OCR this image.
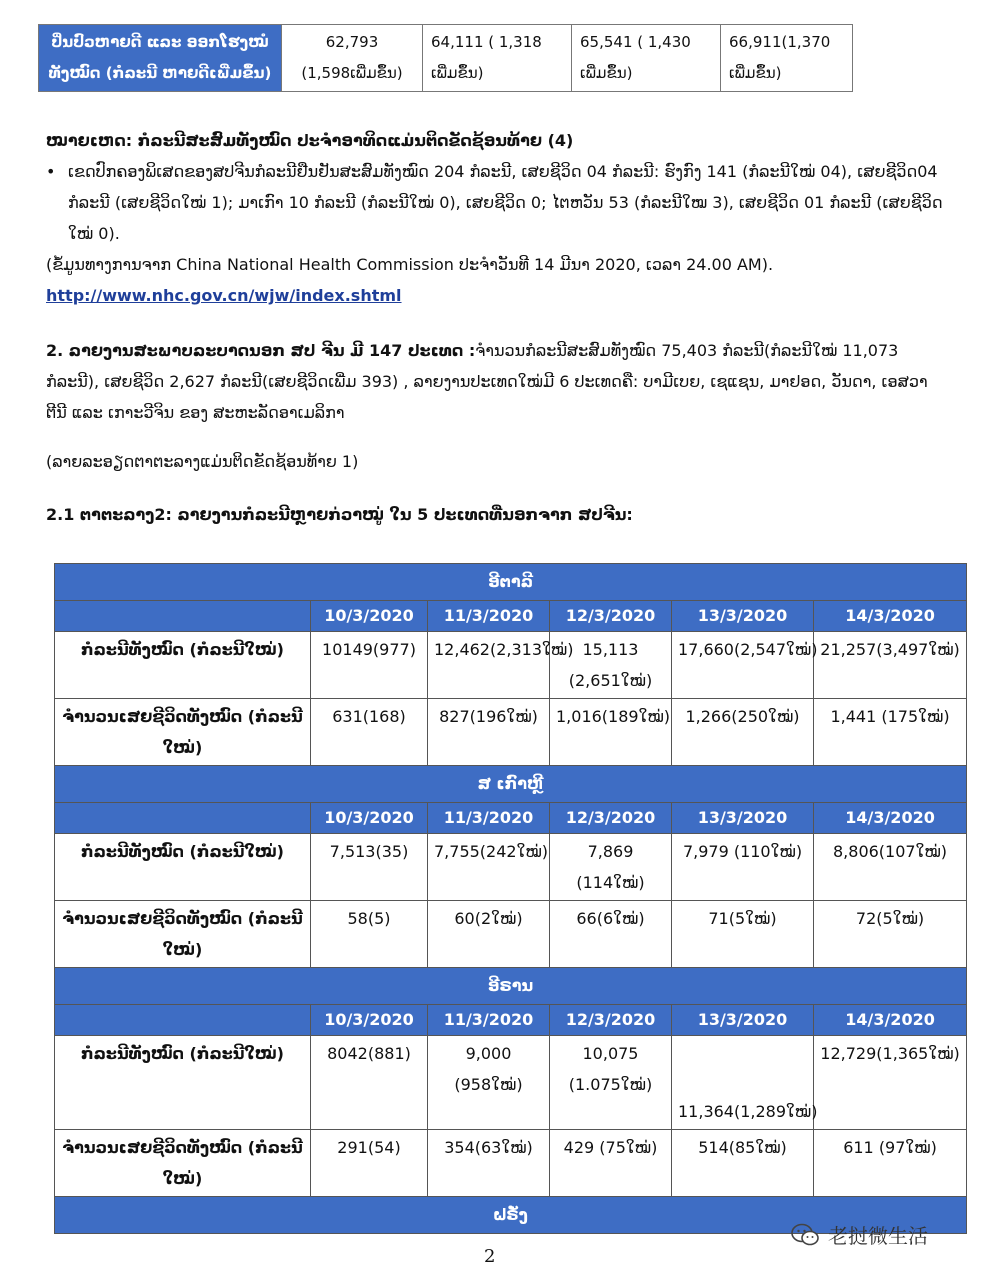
ປິ່ນປົວຫາຍດີ ແລະ ອອກໂຮງໝໍທັງໝົດ (ກໍລະນີ ຫາຍດີເພີ່ມຂຶ້ນ)	62,793 (1,598ເພີ່ມຂຶ້ນ)	64,111 ( 1,318 ເພີ່ມຂຶ້ນ)	65,541 ( 1,430 ເພີ່ມຂຶ້ນ)	66,911(1,370 ເພີ່ມຂຶ້ນ)
ໝາຍເຫດ: ກໍລະນີສະສົມທັງໝົດ ປະຈໍາອາທິດແມ່ນຕິດຂັດຊ້ອນທ້າຍ (4)
• ເຂດປົກຄອງພິເສດຂອງສປຈີນກໍລະນີຢືນຢັນສະສົມທັງໝົດ 204 ກໍລະນີ, ເສຍຊີວິດ 04 ກໍລະນີ: ຮົງກົງ 141 (ກໍລະນີໃໝ່ 04), ເສຍຊີວິດ04 ກໍລະນີ (ເສຍຊີວິດໃໝ່ 1); ມາເກົາ 10 ກໍລະນີ (ກໍລະນີໃໝ່ 0), ເສຍຊີວິດ 0; ໄຕຫວັນ 53 (ກໍລະນີໃໝ 3), ເສຍຊີວິດ 01 ກໍລະນີ (ເສຍຊີວິດໃໝ່ 0).
(ຂໍ້ມູນທາງການຈາກ China National Health Commission ປະຈໍາວັນທີ 14 ມີນາ 2020, ເວລາ 24.00 AM).
http://www.nhc.gov.cn/wjw/index.shtml
2. ລາຍງານສະພາບລະບາດນອກ ສປ ຈີນ ມີ 147 ປະເທດ :ຈໍານວນກໍລະນີສະສົມທັງໝົດ 75,403 ກໍລະນີ(ກໍລະນີໃໝ່ 11,073 ກໍລະນີ), ເສຍຊີວິດ 2,627 ກໍລະນີ(ເສຍຊີວິດເພີ່ມ 393) , ລາຍງານປະເທດໃໝ່ມີ 6 ປະເທດຄື: ບາມີເບຍ, ເຊແຊນ, ມາຢອດ, ວັນດາ, ເອສວາຕີນີ ແລະ ເກາະວີຈິນ ຂອງ ສະຫະລັດອາເມລິກາ
(ລາຍລະອຽດຕາຕະລາງແມ່ນຕິດຂັດຊ້ອນທ້າຍ 1)
2.1 ຕາຕະລາງ2: ລາຍງານກໍລະນີຫຼາຍກ່ວາໝູ່ ໃນ 5 ປະເທດທີ່ນອກຈາກ ສປຈີນ:
ອີຕາລີ					
	10/3/2020	11/3/2020	12/3/2020	13/3/2020	14/3/2020
ກໍລະນີທັງໝົດ (ກໍລະນີໃໝ່)	10149(977)	12,462(2,313ໃໝ່)	15,113 (2,651ໃໝ່)	17,660(2,547ໃໝ່)	21,257(3,497ໃໝ່)
ຈໍານວນເສຍຊີວິດທັງໝົດ (ກໍລະນີໃໝ່)	631(168)	827(196ໃໝ່)	1,016(189ໃໝ່)	1,266(250ໃໝ່)	1,441 (175ໃໝ່)
ສ ເກົາຫຼີ					
	10/3/2020	11/3/2020	12/3/2020	13/3/2020	14/3/2020
ກໍລະນີທັງໝົດ (ກໍລະນີໃໝ່)	7,513(35)	7,755(242ໃໝ່)	7,869 (114ໃໝ່)	7,979 (110ໃໝ່)	8,806(107ໃໝ່)
ຈໍານວນເສຍຊີວິດທັງໝົດ (ກໍລະນີໃໝ່)	58(5)	60(2ໃໝ່)	66(6ໃໝ່)	71(5ໃໝ່)	72(5ໃໝ່)
ອີຣານ					
	10/3/2020	11/3/2020	12/3/2020	13/3/2020	14/3/2020
ກໍລະນີທັງໝົດ (ກໍລະນີໃໝ່)	8042(881)	9,000 (958ໃໝ່)	10,075 (1.075ໃໝ່)	11,364(1,289ໃໝ່)	12,729(1,365ໃໝ່)
ຈໍານວນເສຍຊີວິດທັງໝົດ (ກໍລະນີໃໝ່)	291(54)	354(63ໃໝ່)	429 (75ໃໝ່)	514(85ໃໝ່)	611 (97ໃໝ່)
ຝຣັ່ງ					
2
老挝微生活
